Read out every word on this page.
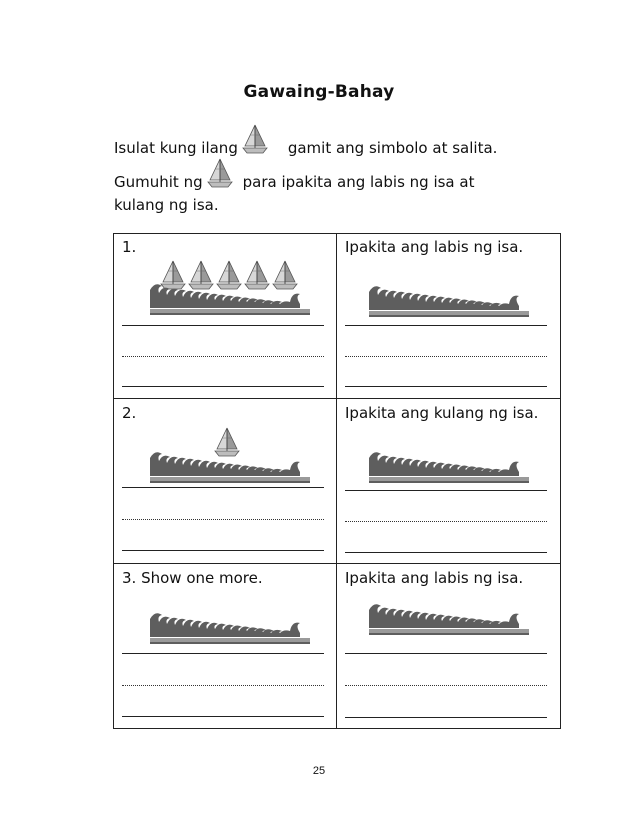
Gawaing-Bahay
Isulat kung ilang	gamit ang simbolo at salita.
Gumuhit ng	para ipakita ang labis ng isa at
kulang ng isa.
1.	Ipakita ang labis ng isa.
2.	Ipakita ang kulang ng isa.
3. Show one more.	Ipakita ang labis ng isa.
25
